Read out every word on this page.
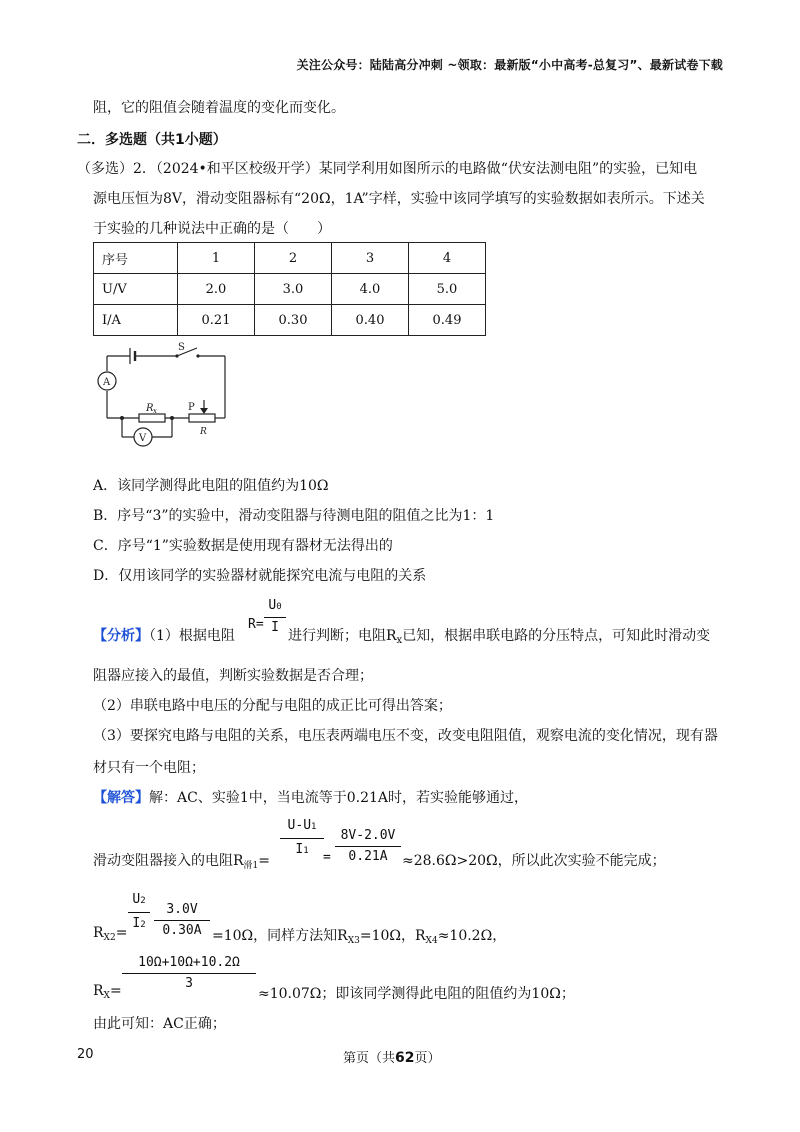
关注公众号：陆陆高分冲刺 ~领取：最新版“小中高考-总复习”、最新试卷下载
阻，它的阻值会随着温度的变化而变化。
二．多选题（共1小题）
（多选）2．（2024•和平区校级开学）某同学利用如图所示的电路做“伏安法测电阻”的实验，已知电
源电压恒为8V，滑动变阻器标有“20Ω，1A”字样，实验中该同学填写的实验数据如表所示。下述关
于实验的几种说法中正确的是（　　）
序号	1	2	3	4
U/V	2.0	3.0	4.0	5.0
I/A	0.21	0.30	0.40	0.49
S
A
V
R x	P
R
A．该同学测得此电阻的阻值约为10Ω
B．序号“3”的实验中，滑动变阻器与待测电阻的阻值之比为1：1
C．序号“1”实验数据是使用现有器材无法得出的
D．仅用该同学的实验器材就能探究电流与电阻的关系
【分析】（1）根据电阻
R=
U0
I
进行判断；电阻$R_x$已知，根据串联电路的分压特点，可知此时滑动变
阻器应接入的最值，判断实验数据是否合理；
（2）串联电路中电压的分配与电阻的成正比可得出答案；
（3）要探究电路与电阻的关系，电压表两端电压不变，改变电阻阻值，观察电流的变化情况，现有器
材只有一个电阻；
【解答】解：AC、实验1中，当电流等于0.21A时，若实验能够通过，
滑动变阻器接入的电阻$R_{滑1}=$
U-U1
I1	=
8V-2.0V
0.21A	≈28.6Ω>20Ω，所以此次实验不能完成；
$R_{X2}=$
U2
I2
3.0V
0.30A =10Ω，同样方法知$R_{X3}=10\Omega$，$R_{X4}\approx 10.2\Omega$，
$R_X=$
10Ω+10Ω+10.2Ω
3
≈10.07Ω；即该同学测得此电阻的阻值约为10Ω；
由此可知：AC正确；
20	第页（共62页）
